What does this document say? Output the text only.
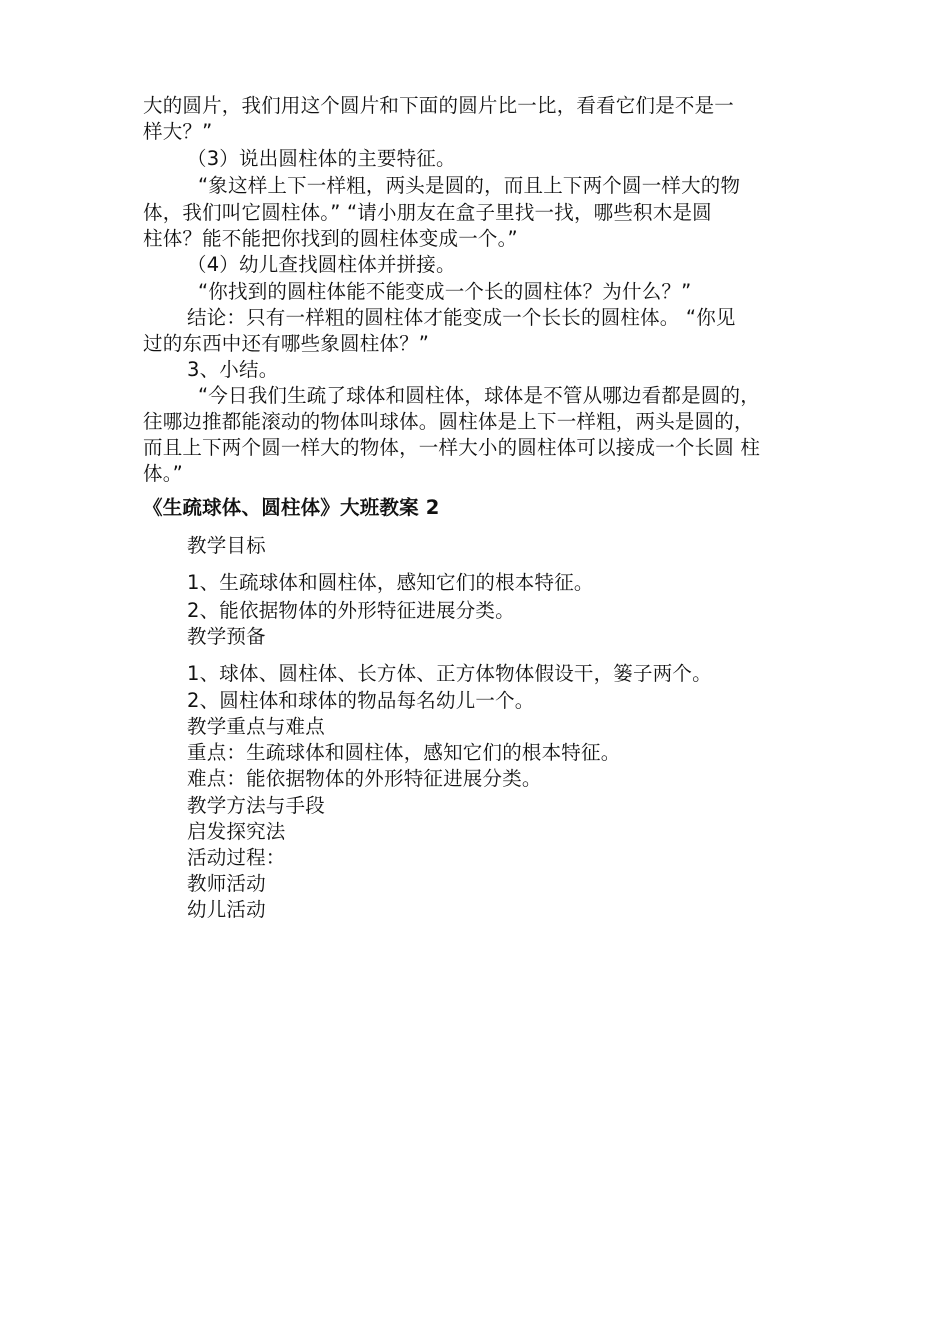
大的圆片，我们用这个圆片和下面的圆片比一比，看看它们是不是一
样大？”
（3）说出圆柱体的主要特征。
“象这样上下一样粗，两头是圆的，而且上下两个圆一样大的物
体，我们叫它圆柱体。” “请小朋友在盒子里找一找，哪些积木是圆
柱体？能不能把你找到的圆柱体变成一个。”
（4）幼儿查找圆柱体并拼接。
“你找到的圆柱体能不能变成一个长的圆柱体？为什么？”
结论：只有一样粗的圆柱体才能变成一个长长的圆柱体。 “你见
过的东西中还有哪些象圆柱体？”
3、小结。
“今日我们生疏了球体和圆柱体，球体是不管从哪边看都是圆的，
往哪边推都能滚动的物体叫球体。圆柱体是上下一样粗，两头是圆的，
而且上下两个圆一样大的物体，一样大小的圆柱体可以接成一个长圆 柱
体。”
《生疏球体、圆柱体》大班教案 2
教学目标
1、生疏球体和圆柱体，感知它们的根本特征。
2、能依据物体的外形特征进展分类。
教学预备
1、球体、圆柱体、长方体、正方体物体假设干，篓子两个。
2、圆柱体和球体的物品每名幼儿一个。
教学重点与难点
重点：生疏球体和圆柱体，感知它们的根本特征。
难点：能依据物体的外形特征进展分类。
教学方法与手段
启发探究法
活动过程：
教师活动
幼儿活动
